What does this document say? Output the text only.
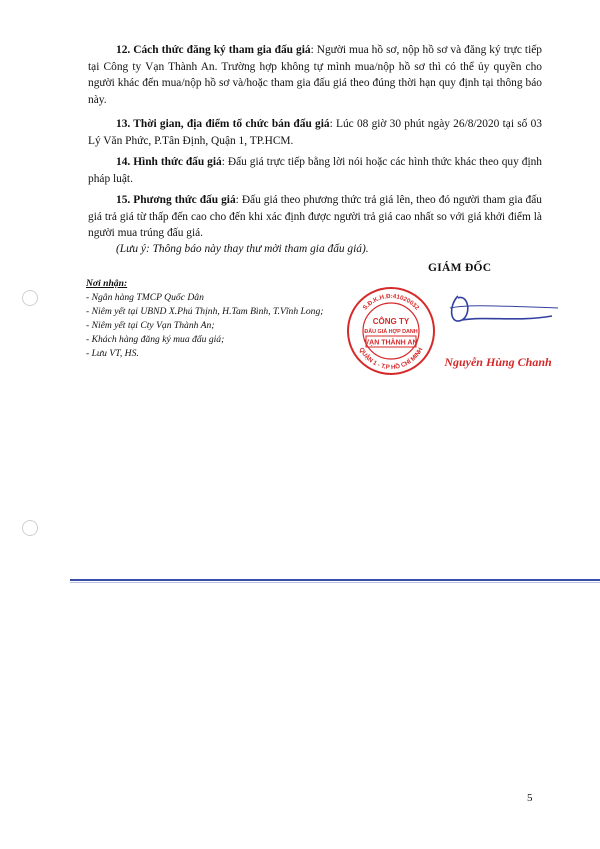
12. Cách thức đăng ký tham gia đấu giá: Người mua hồ sơ, nộp hồ sơ và đăng ký trực tiếp tại Công ty Vạn Thành An. Trường hợp không tự mình mua/nộp hồ sơ thì có thể ủy quyền cho người khác đến mua/nộp hồ sơ và/hoặc tham gia đấu giá theo đúng thời hạn quy định tại thông báo này.

13. Thời gian, địa điểm tổ chức bán đấu giá: Lúc 08 giờ 30 phút ngày 26/8/2020 tại số 03 Lý Văn Phức, P.Tân Định, Quận 1, TP.HCM.

14. Hình thức đấu giá: Đấu giá trực tiếp bằng lời nói hoặc các hình thức khác theo quy định pháp luật.

15. Phương thức đấu giá: Đấu giá theo phương thức trả giá lên, theo đó người tham gia đấu giá trả giá từ thấp đến cao cho đến khi xác định được người trả giá cao nhất so với giá khởi điểm là người mua trúng đấu giá.

(Lưu ý: Thông báo này thay thư mời tham gia đấu giá).

GIÁM ĐỐC
Nơi nhận:
- Ngân hàng TMCP Quốc Dân
- Niêm yết tại UBND X.Phú Thịnh, H.Tam Bình, T.Vĩnh Long;
- Niêm yết tại Cty Vạn Thành An;
- Khách hàng đăng ký mua đấu giá;
- Lưu VT, HS.
S.Đ.K.H.Đ:41020032
QUẬN 1 - T.P HỒ CHÍ MINH
CÔNG TY
ĐẤU GIÁ HỢP DANH
VẠN THÀNH AN
Nguyễn Hùng Chanh
5
